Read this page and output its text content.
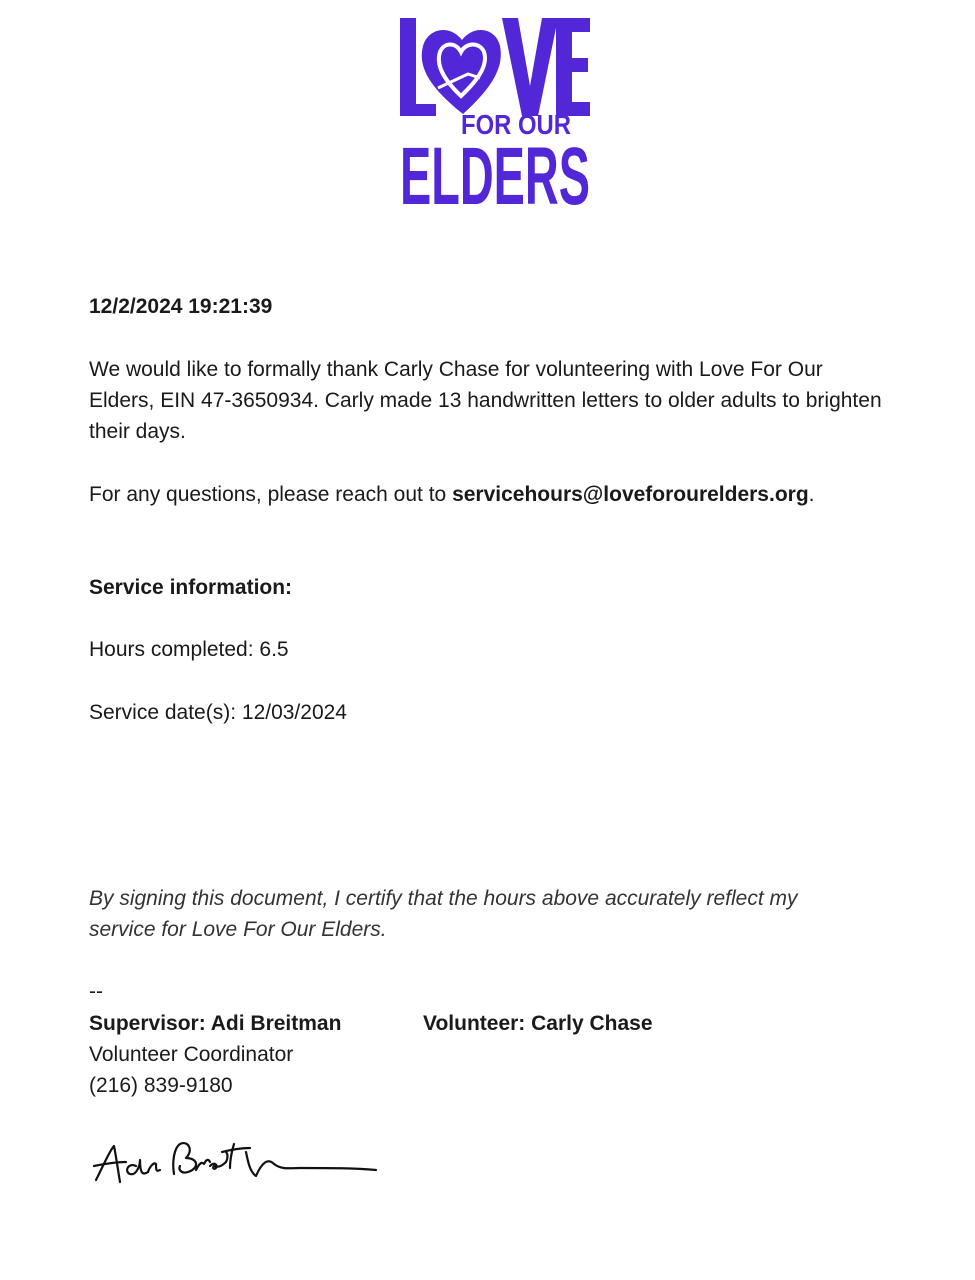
FOR OUR
ELDERS
12/2/2024 19:21:39
We would like to formally thank Carly Chase for volunteering with Love For Our Elders, EIN 47-3650934. Carly made 13 handwritten letters to older adults to brighten their days.
For any questions, please reach out to servicehours@loveforourelders.org.
Service information:
Hours completed: 6.5
Service date(s): 12/03/2024
By signing this document, I certify that the hours above accurately reflect my service for Love For Our Elders.
--
Supervisor: Adi Breitman	Volunteer: Carly Chase
Volunteer Coordinator
(216) 839-9180
